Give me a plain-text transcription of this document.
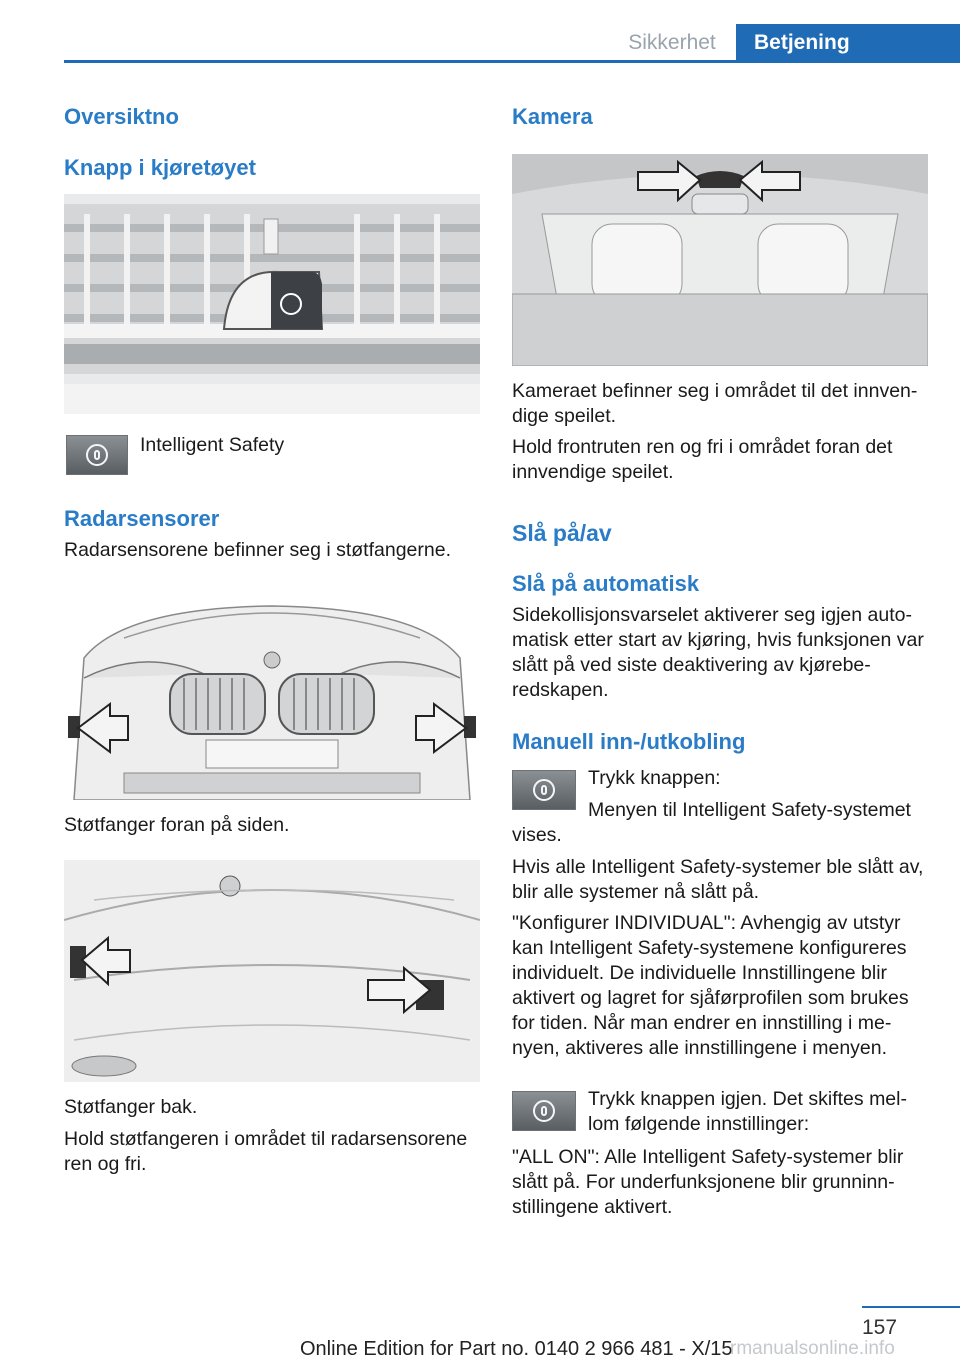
Sikkerhet	Betjening
Oversiktno
Knapp i kjøretøyet
Intelligent Safety
Radarsensorer
Radarsensorene befinner seg i støtfangerne.
Støtfanger foran på siden.
Støtfanger bak.
Hold støtfangeren i området til radarsensorene ren og fri.
Kamera
Kameraet befinner seg i området til det innven-dige speilet.
Hold frontruten ren og fri i området foran det innvendige speilet.
Slå på/av
Slå på automatisk
Sidekollisjonsvarselet aktiverer seg igjen auto-matisk etter start av kjøring, hvis funksjonen var slått på ved siste deaktivering av kjørebe-redskapen.
Manuell inn-/utkobling
Trykk knappen:
Menyen til Intelligent Safety-systemet vises.
Hvis alle Intelligent Safety-systemer ble slått av, blir alle systemer nå slått på.
"Konfigurer INDIVIDUAL": Avhengig av utstyr kan Intelligent Safety-systemene konfigureres individuelt. De individuelle Innstillingene blir aktivert og lagret for sjåførprofilen som brukes for tiden. Når man endrer en innstilling i me-nyen, aktiveres alle innstillingene i menyen.
Trykk knappen igjen. Det skiftes mel-lom følgende innstillinger:
"ALL ON": Alle Intelligent Safety-systemer blir slått på. For underfunksjonene blir grunninn-stillingene aktivert.
157
Online Edition for Part no. 0140 2 966 481 - X/15
rmanualsonline.info
